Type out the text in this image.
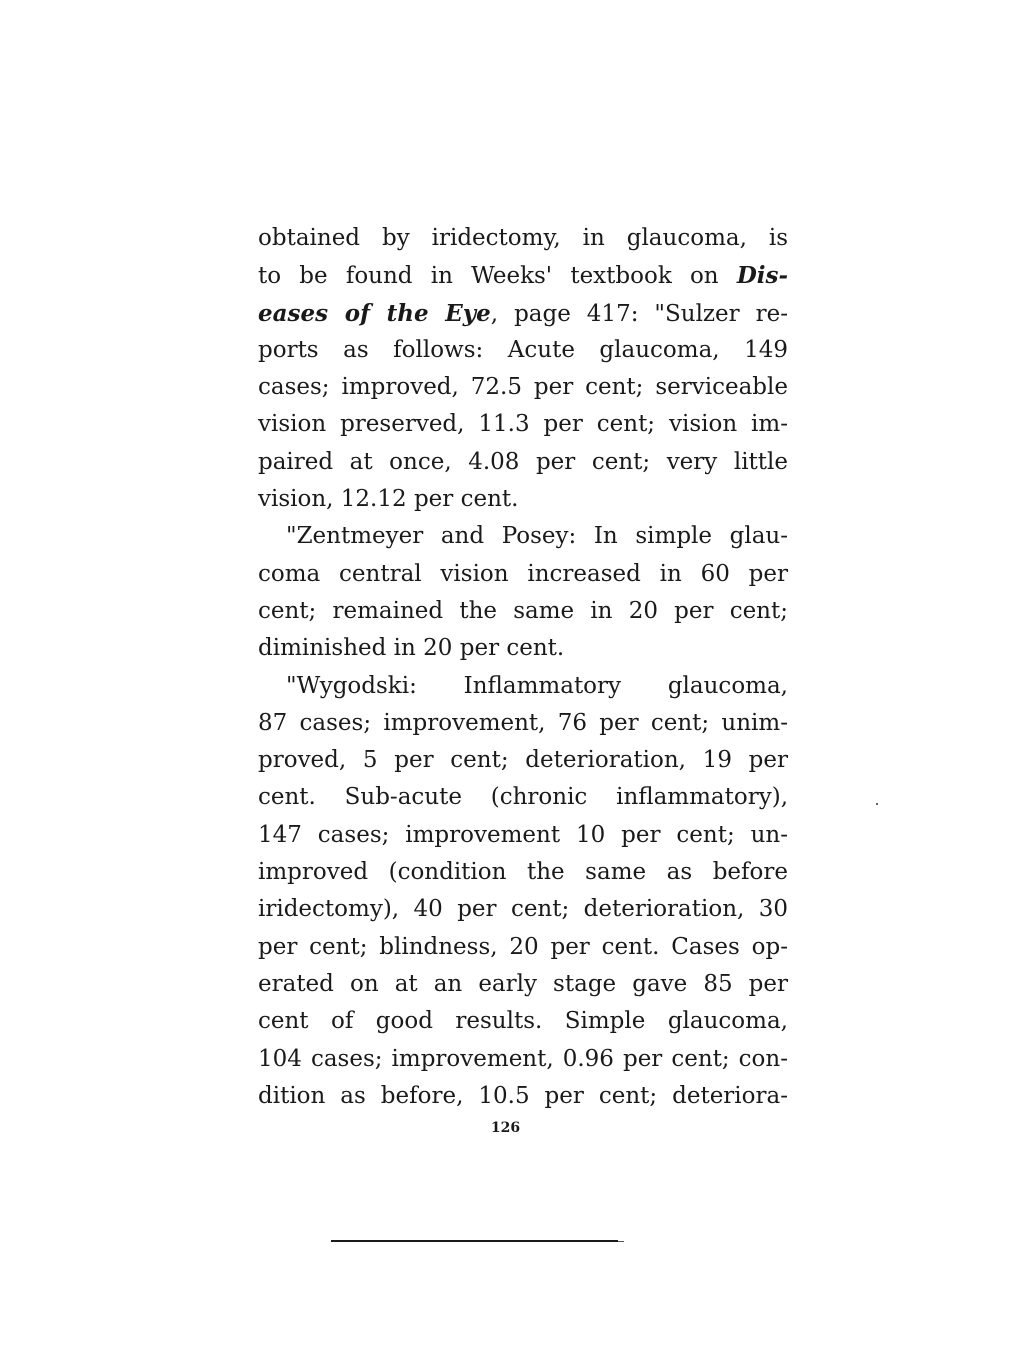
obtained by iridectomy, in glaucoma, is
to be found in Weeks' textbook on Dis-
eases of the Eye, page 417: "Sulzer re-
ports as follows: Acute glaucoma, 149
cases; improved, 72.5 per cent; serviceable
vision preserved, 11.3 per cent; vision im-
paired at once, 4.08 per cent; very little
vision, 12.12 per cent.
"Zentmeyer and Posey: In simple glau-
coma central vision increased in 60 per
cent; remained the same in 20 per cent;
diminished in 20 per cent.
"Wygodski: Inflammatory glaucoma,
87 cases; improvement, 76 per cent; unim-
proved, 5 per cent; deterioration, 19 per
cent. Sub-acute (chronic inflammatory),
147 cases; improvement 10 per cent; un-
improved (condition the same as before
iridectomy), 40 per cent; deterioration, 30
per cent; blindness, 20 per cent. Cases op-
erated on at an early stage gave 85 per
cent of good results. Simple glaucoma,
104 cases; improvement, 0.96 per cent; con-
dition as before, 10.5 per cent; deteriora-
126
